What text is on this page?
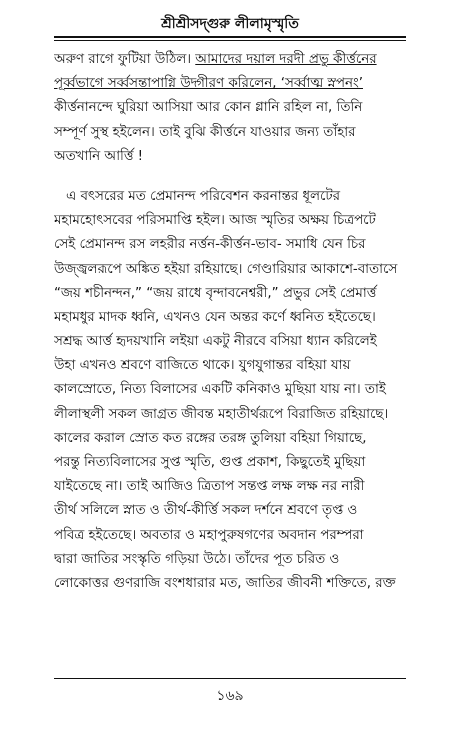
শ্রীশ্রীসদ্গুরু লীলামৃস্মৃতি
অরুণ রাগে ফুটিয়া উঠিল। আমাদের দয়াল দরদী প্রভু কীর্ত্তনের
পূর্ব্বভাগে সর্ব্বসন্তাপাগ্নি উদ্গীরণ করিলেন, ‘সর্ব্বাত্ম স্নপনং’
কীর্ত্তনানন্দে ঘুরিয়া আসিয়া আর কোন গ্লানি রহিল না, তিনি
সম্পূর্ণ সুস্থ হইলেন। তাই বুঝি কীর্ত্তনে যাওয়ার জন্য তাঁহার
অতখানি আর্ত্তি !
এ বৎসরের মত প্রেমানন্দ পরিবেশন করনান্তর ধূলটের
মহামহোৎসবের পরিসমাপ্তি হইল। আজ স্মৃতির অক্ষয় চিত্রপটে
সেই প্রেমানন্দ রস লহরীর নর্ত্তন-কীর্ত্তন-ভাব- সমাধি যেন চির
উজ্জ্বলরূপে অঙ্কিত হইয়া রহিয়াছে। গেণ্ডারিয়ার আকাশে-বাতাসে
“জয় শচীনন্দন,” “জয় রাধে বৃন্দাবনেশ্বরী,” প্রভুর সেই প্রেমার্ত্ত
মহামধুর মাদক ধ্বনি, এখনও যেন অন্তর কর্ণে ধ্বনিত হইতেছে।
সশ্রদ্ধ আর্ত্ত হৃদয়খানি লইয়া একটু নীরবে বসিয়া ধ্যান করিলেই
উহা এখনও শ্রবণে বাজিতে থাকে। যুগযুগান্তর বহিয়া যায়
কালস্রোতে, নিত্য বিলাসের একটি কনিকাও মুছিয়া যায় না। তাই
লীলাস্থলী সকল জাগ্রত জীবন্ত মহাতীর্থরূপে বিরাজিত রহিয়াছে।
কালের করাল স্রোত কত রঙ্গের তরঙ্গ তুলিয়া বহিয়া গিয়াছে,
পরন্তু নিত্যবিলাসের সুপ্ত স্মৃতি, গুপ্ত প্রকাশ, কিছুতেই মুছিয়া
যাইতেছে না। তাই আজিও ত্রিতাপ সন্তপ্ত লক্ষ লক্ষ নর নারী
তীর্থ সলিলে স্নাত ও তীর্থ-কীর্ত্তি সকল দর্শনে শ্রবণে তৃপ্ত ও
পবিত্র হইতেছে। অবতার ও মহাপুরুষগণের অবদান পরম্পরা
দ্বারা জাতির সংস্কৃতি গড়িয়া উঠে। তাঁদের পূত চরিত ও
লোকোত্তর গুণরাজি বংশধারার মত, জাতির জীবনী শক্তিতে, রক্ত
১৬৯
